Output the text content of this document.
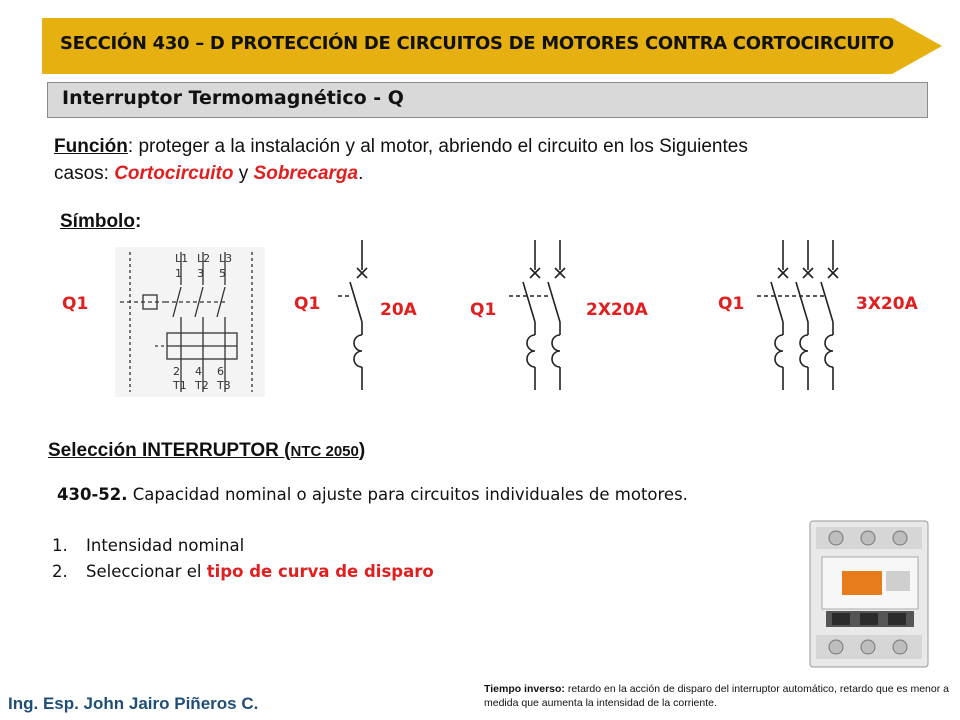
SECCIÓN 430 – D PROTECCIÓN DE CIRCUITOS DE MOTORES CONTRA CORTOCIRCUITO
Interruptor Termomagnético - Q
Función: proteger a la instalación y al motor, abriendo el circuito en los Siguientes casos: Cortocircuito y Sobrecarga.
Símbolo:
Q1	Q1	20A	Q1	2X20A	Q1	3X20A
L1 L2 L3
1 3 5
2 4 6
T1 T2 T3
Selección INTERRUPTOR (NTC 2050)
430-52. Capacidad nominal o ajuste para circuitos individuales de motores.
1. Intensidad nominal
2. Seleccionar el tipo de curva de disparo
Ing. Esp. John Jairo Piñeros C.
Tiempo inverso: retardo en la acción de disparo del interruptor automático, retardo que es menor a medida que aumenta la intensidad de la corriente.
